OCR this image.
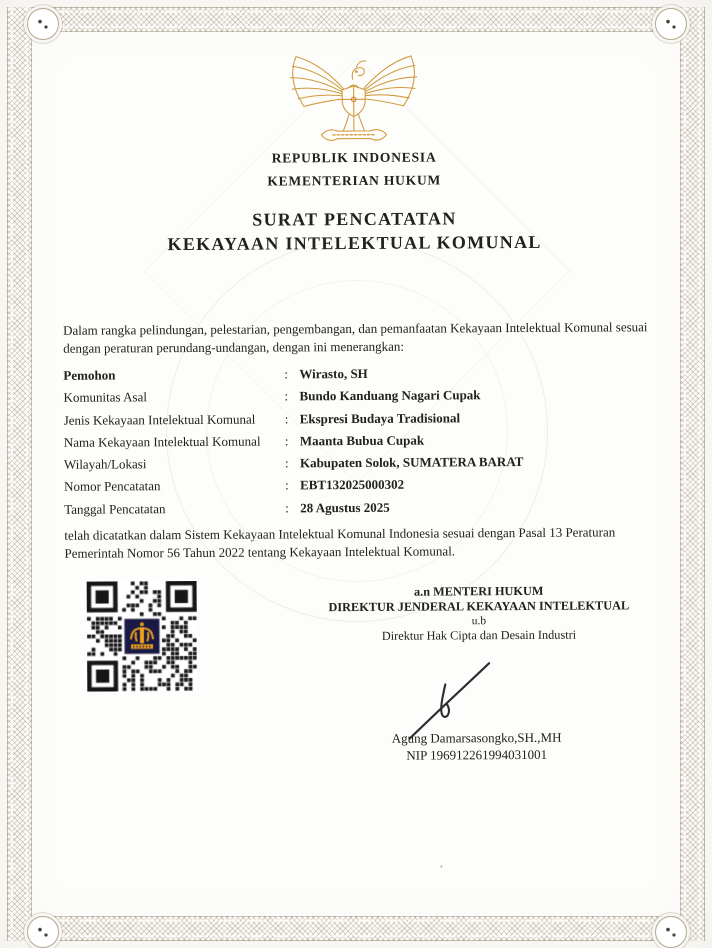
REPUBLIK INDONESIA
KEMENTERIAN HUKUM
SURAT PENCATATAN
KEKAYAAN INTELEKTUAL KOMUNAL
Dalam rangka pelindungan, pelestarian, pengembangan, dan pemanfaatan Kekayaan Intelektual Komunal sesuai dengan peraturan perundang-undangan, dengan ini menerangkan:
Pemohon	: Wirasto, SH
Komunitas Asal	: Bundo Kanduang Nagari Cupak
Jenis Kekayaan Intelektual Komunal	: Ekspresi Budaya Tradisional
Nama Kekayaan Intelektual Komunal	: Maanta Bubua Cupak
Wilayah/Lokasi	: Kabupaten Solok, SUMATERA BARAT
Nomor Pencatatan	: EBT132025000302
Tanggal Pencatatan	: 28 Agustus 2025
telah dicatatkan dalam Sistem Kekayaan Intelektual Komunal Indonesia sesuai dengan Pasal 13 Peraturan Pemerintah Nomor 56 Tahun 2022 tentang Kekayaan Intelektual Komunal.
a.n MENTERI HUKUM
DIREKTUR JENDERAL KEKAYAAN INTELEKTUAL
u.b
Direktur Hak Cipta dan Desain Industri
Agung Damarsasongko,SH.,MH
NIP 196912261994031001
